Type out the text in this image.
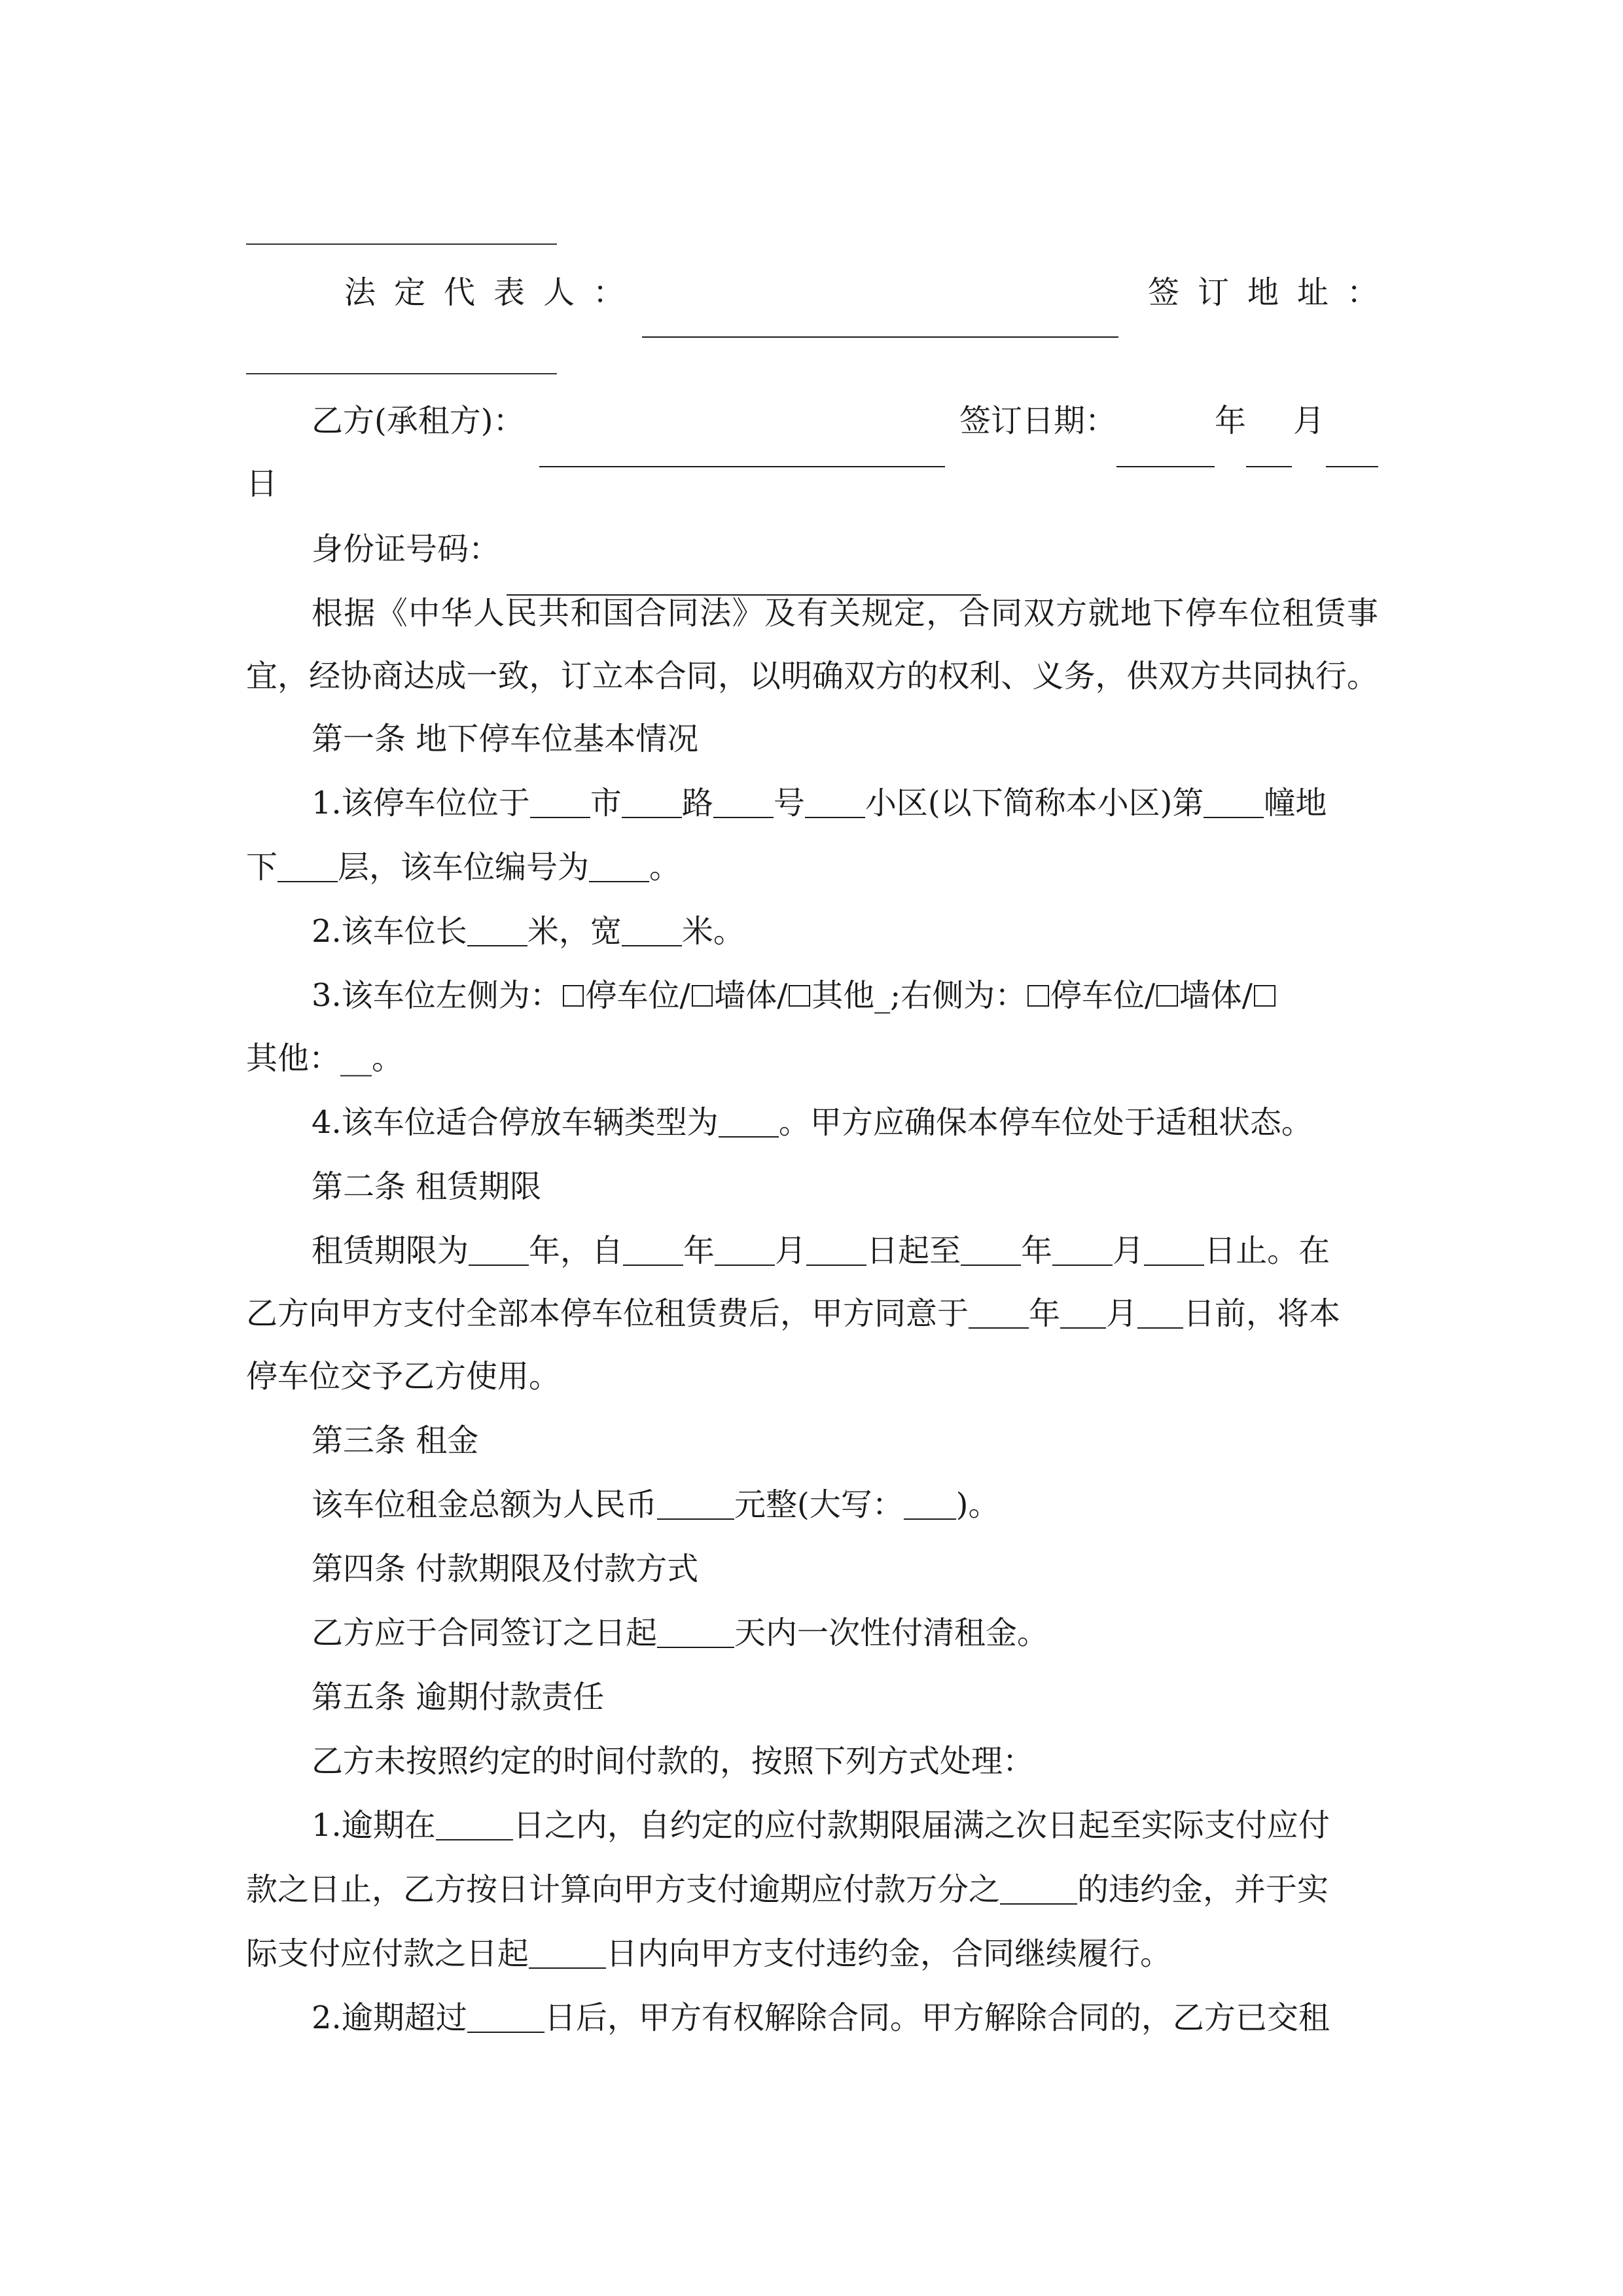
法定代表人：	签订地址：
乙方(承租方)：	签订日期：	年 月
日
身份证号码：
根据《中华人民共和国合同法》及有关规定，合同双方就地下停车位租赁事
宜，经协商达成一致，订立本合同，以明确双方的权利、义务，供双方共同执行。
第一条 地下停车位基本情况
1.该停车位位于 市 路 号 小区(以下简称本小区)第 幢地
下 层，该车位编号为 。
2.该车位长 米，宽 米。
3.该车位左侧为： 停车位/ 墙体/ 其他_;右侧为： 停车位/ 墙体/
其他：__。
4.该车位适合停放车辆类型为 。甲方应确保本停车位处于适租状态。
第二条 租赁期限
租赁期限为 年，自 年 月 日起至 年 月 日止。在
乙方向甲方支付全部本停车位租赁费后，甲方同意于 年 月 日前，将本
停车位交予乙方使用。
第三条 租金
该车位租金总额为人民币 元整(大写： )。
第四条 付款期限及付款方式
乙方应于合同签订之日起 天内一次性付清租金。
第五条 逾期付款责任
乙方未按照约定的时间付款的，按照下列方式处理：
1.逾期在 日之内，自约定的应付款期限届满之次日起至实际支付应付
款之日止，乙方按日计算向甲方支付逾期应付款万分之 的违约金，并于实
际支付应付款之日起 日内向甲方支付违约金，合同继续履行。
2.逾期超过 日后，甲方有权解除合同。甲方解除合同的，乙方已交租
